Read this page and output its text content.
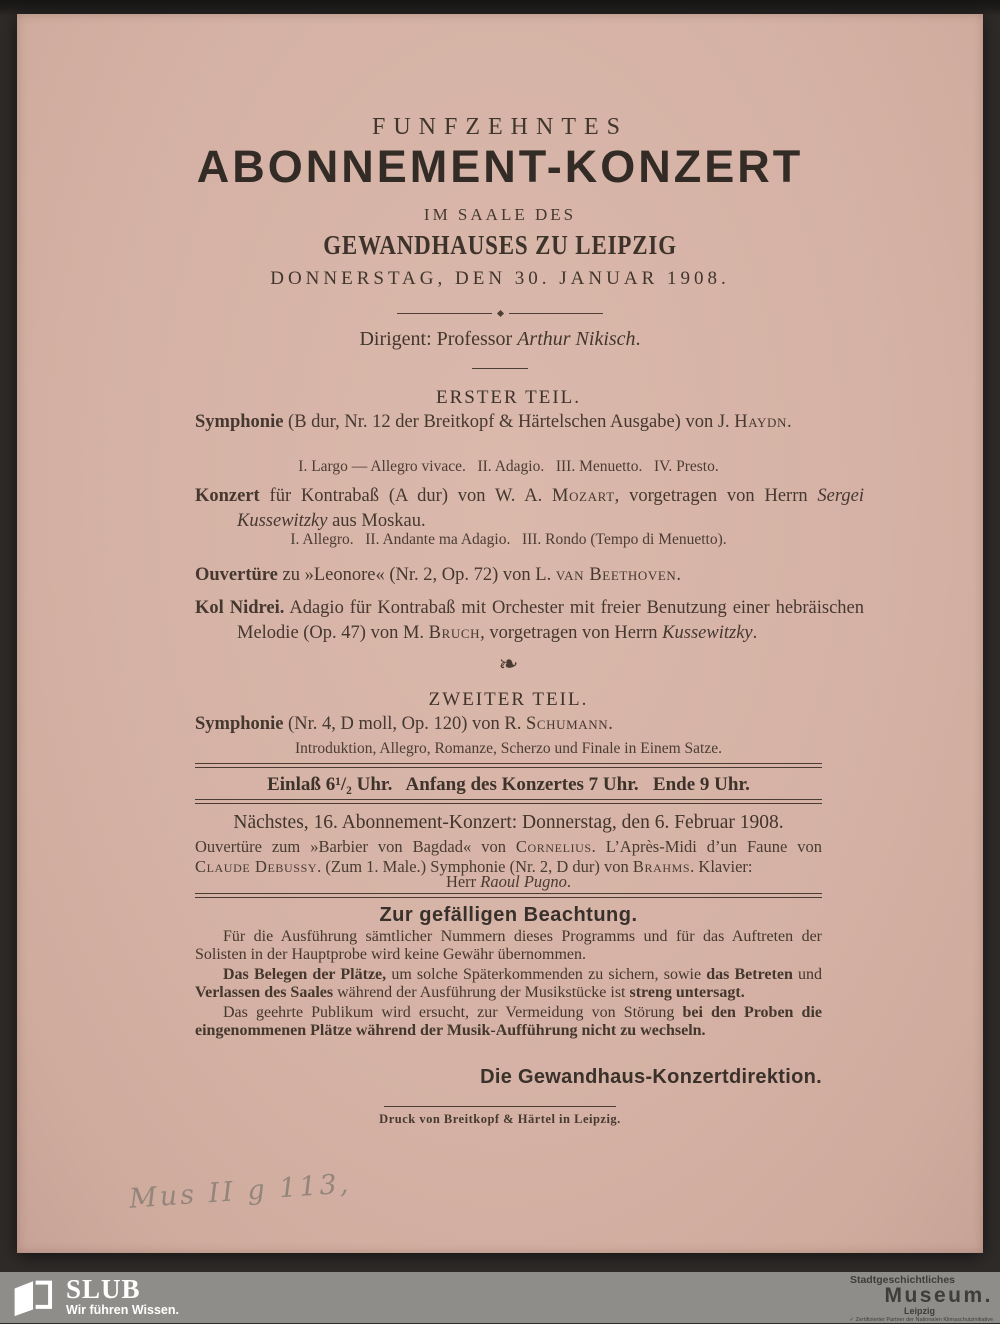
FUNFZEHNTES
ABONNEMENT-KONZERT
IM SAALE DES
GEWANDHAUSES ZU LEIPZIG
DONNERSTAG, DEN 30. JANUAR 1908.
Dirigent: Professor Arthur Nikisch.
ERSTER TEIL.
Symphonie (B dur, Nr. 12 der Breitkopf & Härtelschen Ausgabe) von J. Haydn.
I. Largo — Allegro vivace.   II. Adagio.   III. Menuetto.   IV. Presto.
Konzert für Kontrabaß (A dur) von W. A. Mozart, vorgetragen von Herrn Sergei Kussewitzky aus Moskau.
I. Allegro.   II. Andante ma Adagio.   III. Rondo (Tempo di Menuetto).
Ouvertüre zu »Leonore« (Nr. 2, Op. 72) von L. van Beethoven.
Kol Nidrei. Adagio für Kontrabaß mit Orchester mit freier Benutzung einer hebräischen Melodie (Op. 47) von M. Bruch, vorgetragen von Herrn Kussewitzky.
❧
ZWEITER TEIL.
Symphonie (Nr. 4, D moll, Op. 120) von R. Schumann.
Introduktion, Allegro, Romanze, Scherzo und Finale in Einem Satze.
Einlaß 6¹/₂ Uhr.   Anfang des Konzertes 7 Uhr.   Ende 9 Uhr.
Nächstes, 16. Abonnement-Konzert: Donnerstag, den 6. Februar 1908.
Ouvertüre zum »Barbier von Bagdad« von Cornelius. L’Après-Midi d’un Faune von Claude Debussy. (Zum 1. Male.) Symphonie (Nr. 2, D dur) von Brahms. Klavier:
Herr Raoul Pugno.
Zur gefälligen Beachtung.

Für die Ausführung sämtlicher Nummern dieses Programms und für das Auftreten der Solisten in der Hauptprobe wird keine Gewähr übernommen.

Das Belegen der Plätze, um solche Späterkommenden zu sichern, sowie das Betreten und Verlassen des Saales während der Ausführung der Musikstücke ist streng untersagt.

Das geehrte Publikum wird ersucht, zur Vermeidung von Störung bei den Proben die eingenommenen Plätze während der Musik-Aufführung nicht zu wechseln.

Die Gewandhaus-Konzertdirektion.
Druck von Breitkopf & Härtel in Leipzig.
Mus II g 113,
SLUB
Wir führen Wissen.
Stadtgeschichtliches
Museum.
Leipzig
✓ Zertifizierter Partner der Nationalen Klimaschutzinitiative
